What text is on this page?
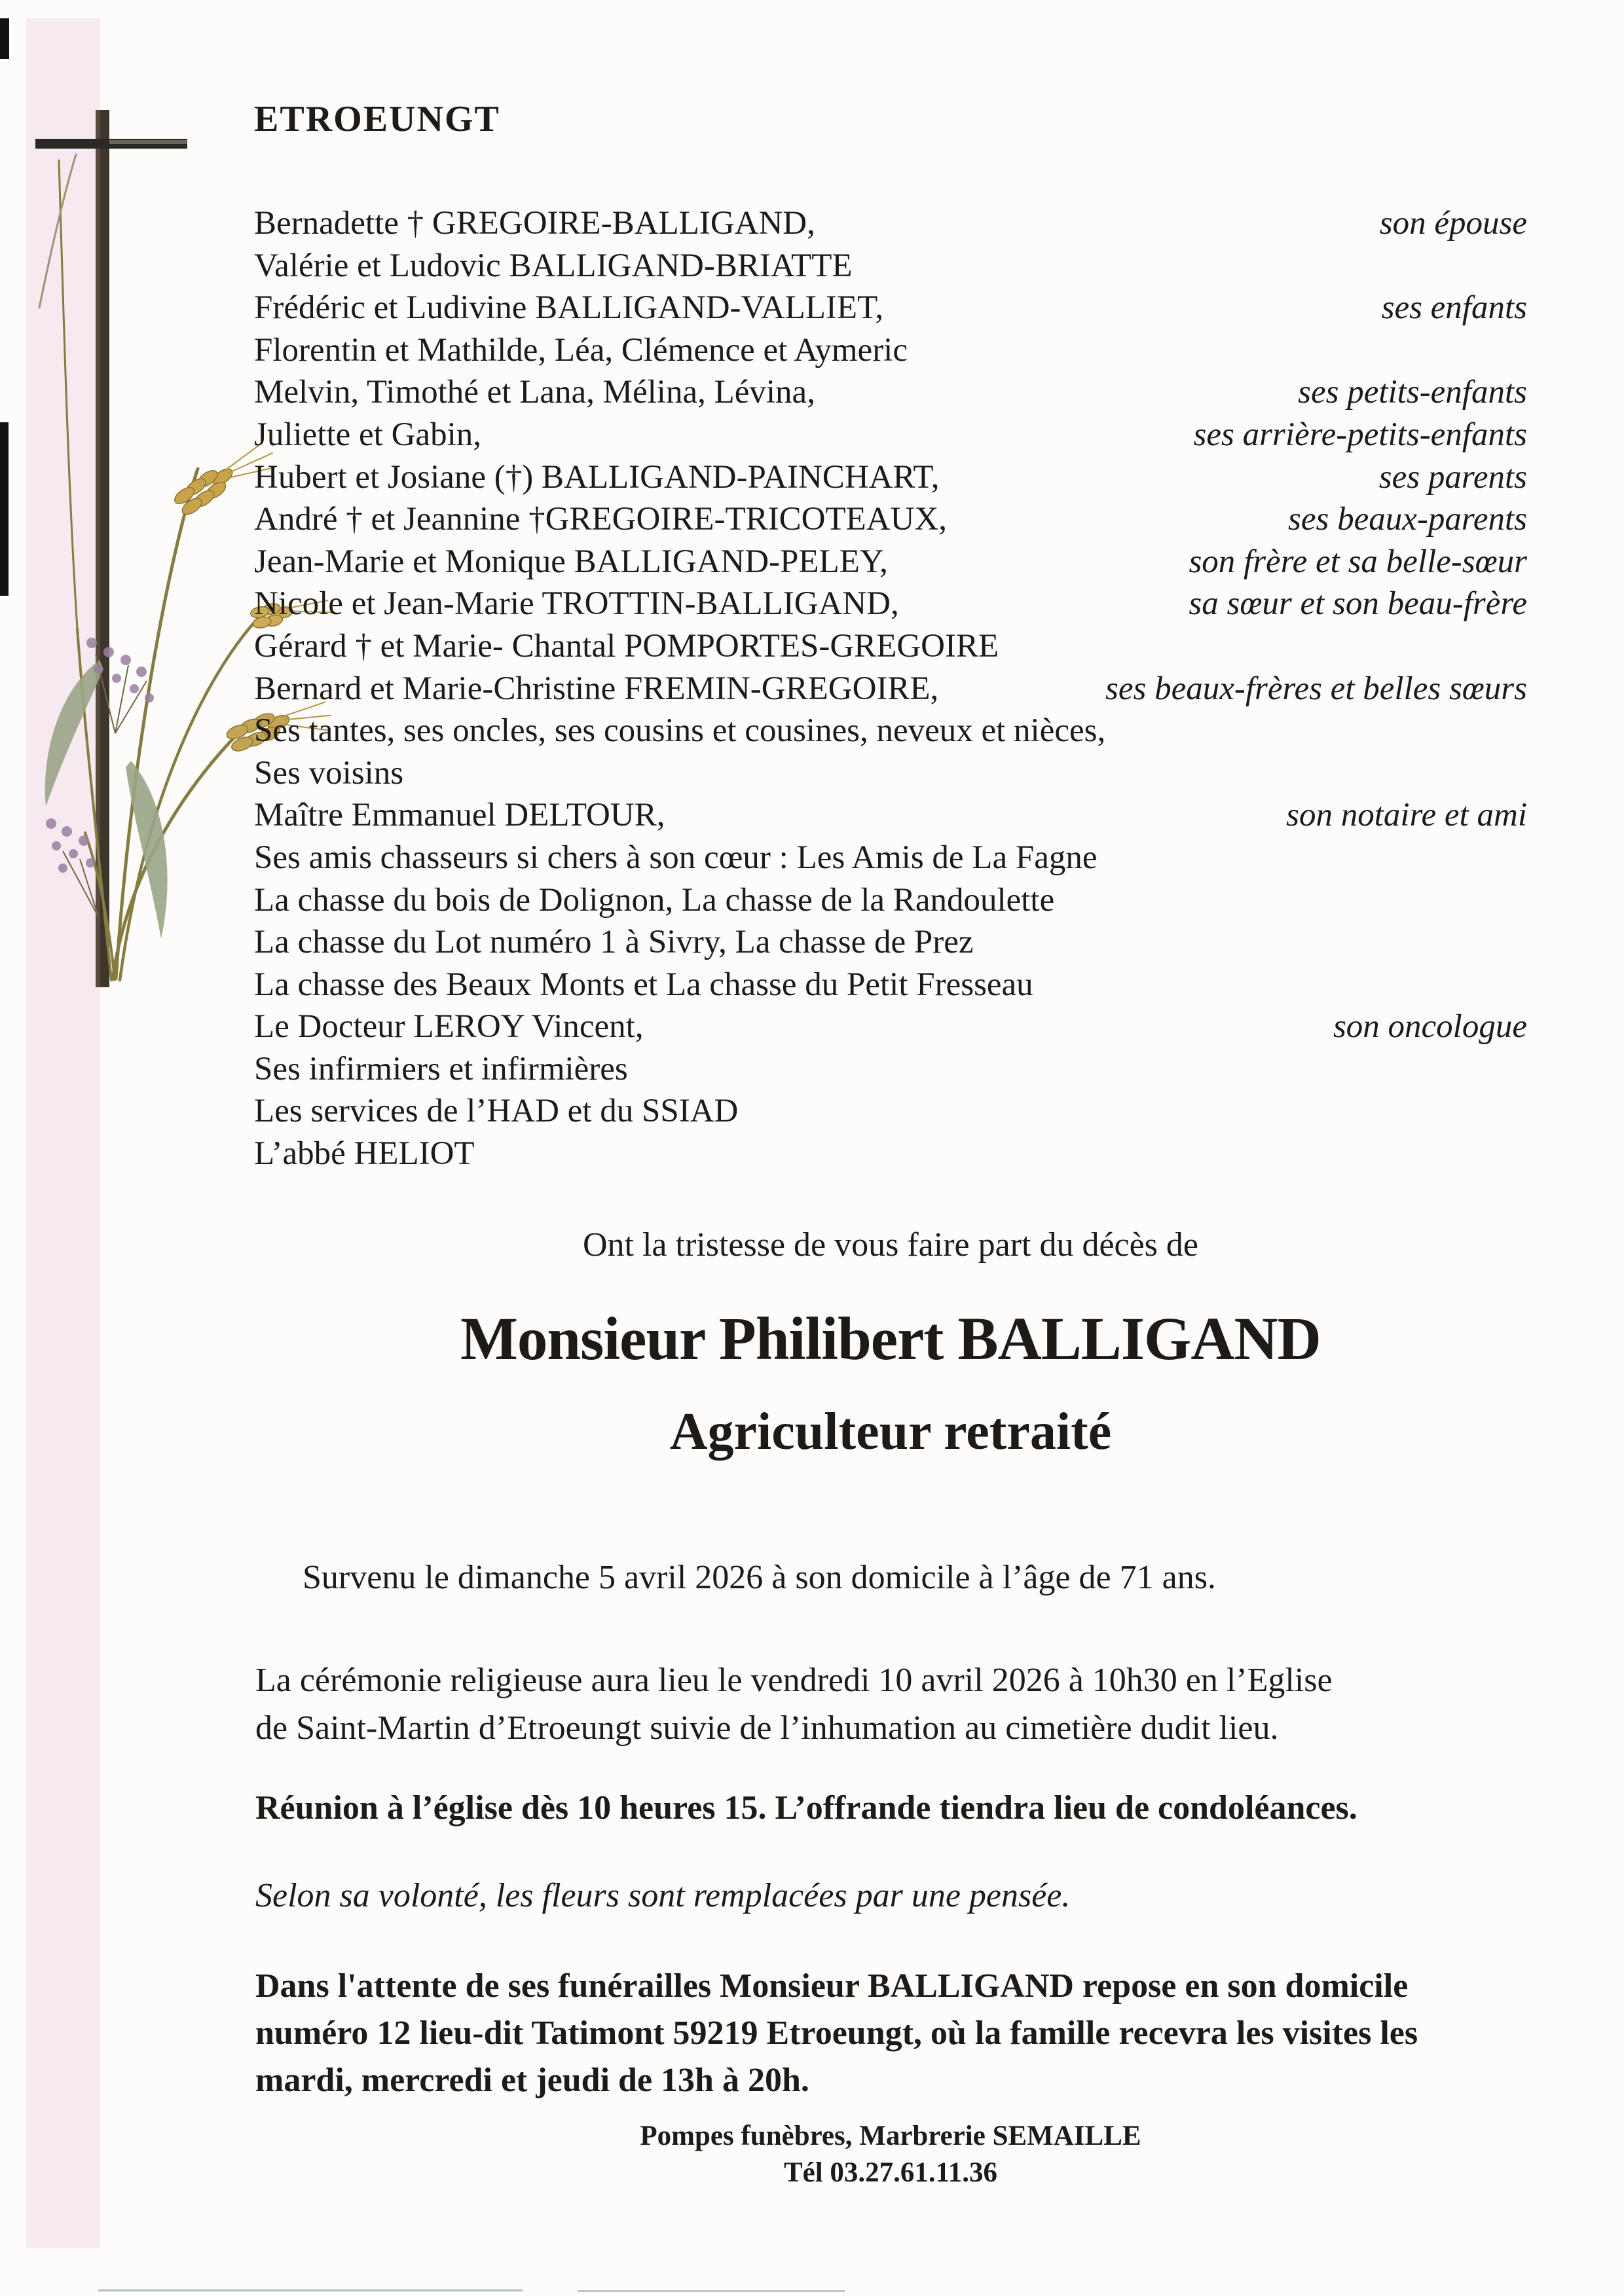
ETROEUNGT
Bernadette † GREGOIRE-BALLIGAND,	son épouse
Valérie et Ludovic BALLIGAND-BRIATTE
Frédéric et Ludivine BALLIGAND-VALLIET,	ses enfants
Florentin et Mathilde, Léa, Clémence et Aymeric
Melvin, Timothé et Lana, Mélina, Lévina,	ses petits-enfants
Juliette et Gabin,	ses arrière-petits-enfants
Hubert et Josiane (†) BALLIGAND-PAINCHART,	ses parents
André † et Jeannine †GREGOIRE-TRICOTEAUX,	ses beaux-parents
Jean-Marie et Monique BALLIGAND-PELEY,	son frère et sa belle-sœur
Nicole et Jean-Marie TROTTIN-BALLIGAND,	sa sœur et son beau-frère
Gérard † et Marie- Chantal POMPORTES-GREGOIRE
Bernard et Marie-Christine FREMIN-GREGOIRE,	ses beaux-frères et belles sœurs
Ses tantes, ses oncles, ses cousins et cousines, neveux et nièces,
Ses voisins
Maître Emmanuel DELTOUR,	son notaire et ami
Ses amis chasseurs si chers à son cœur : Les Amis de La Fagne
La chasse du bois de Dolignon, La chasse de la Randoulette
La chasse du Lot numéro 1 à Sivry, La chasse de Prez
La chasse des Beaux Monts et La chasse du Petit Fresseau
Le Docteur LEROY Vincent,	son oncologue
Ses infirmiers et infirmières
Les services de l’HAD et du SSIAD
L’abbé HELIOT
Ont la tristesse de vous faire part du décès de
Monsieur Philibert BALLIGAND
Agriculteur retraité
Survenu le dimanche 5 avril 2026 à son domicile à l’âge de 71 ans.
La cérémonie religieuse aura lieu le vendredi 10 avril 2026 à 10h30 en l’Eglise
de Saint-Martin d’Etroeungt suivie de l’inhumation au cimetière dudit lieu.
Réunion à l’église dès 10 heures 15. L’offrande tiendra lieu de condoléances.
Selon sa volonté, les fleurs sont remplacées par une pensée.
Dans l'attente de ses funérailles Monsieur BALLIGAND repose en son domicile
numéro 12 lieu-dit Tatimont 59219 Etroeungt, où la famille recevra les visites les
mardi, mercredi et jeudi de 13h à 20h.
Pompes funèbres, Marbrerie SEMAILLE
Tél 03.27.61.11.36
